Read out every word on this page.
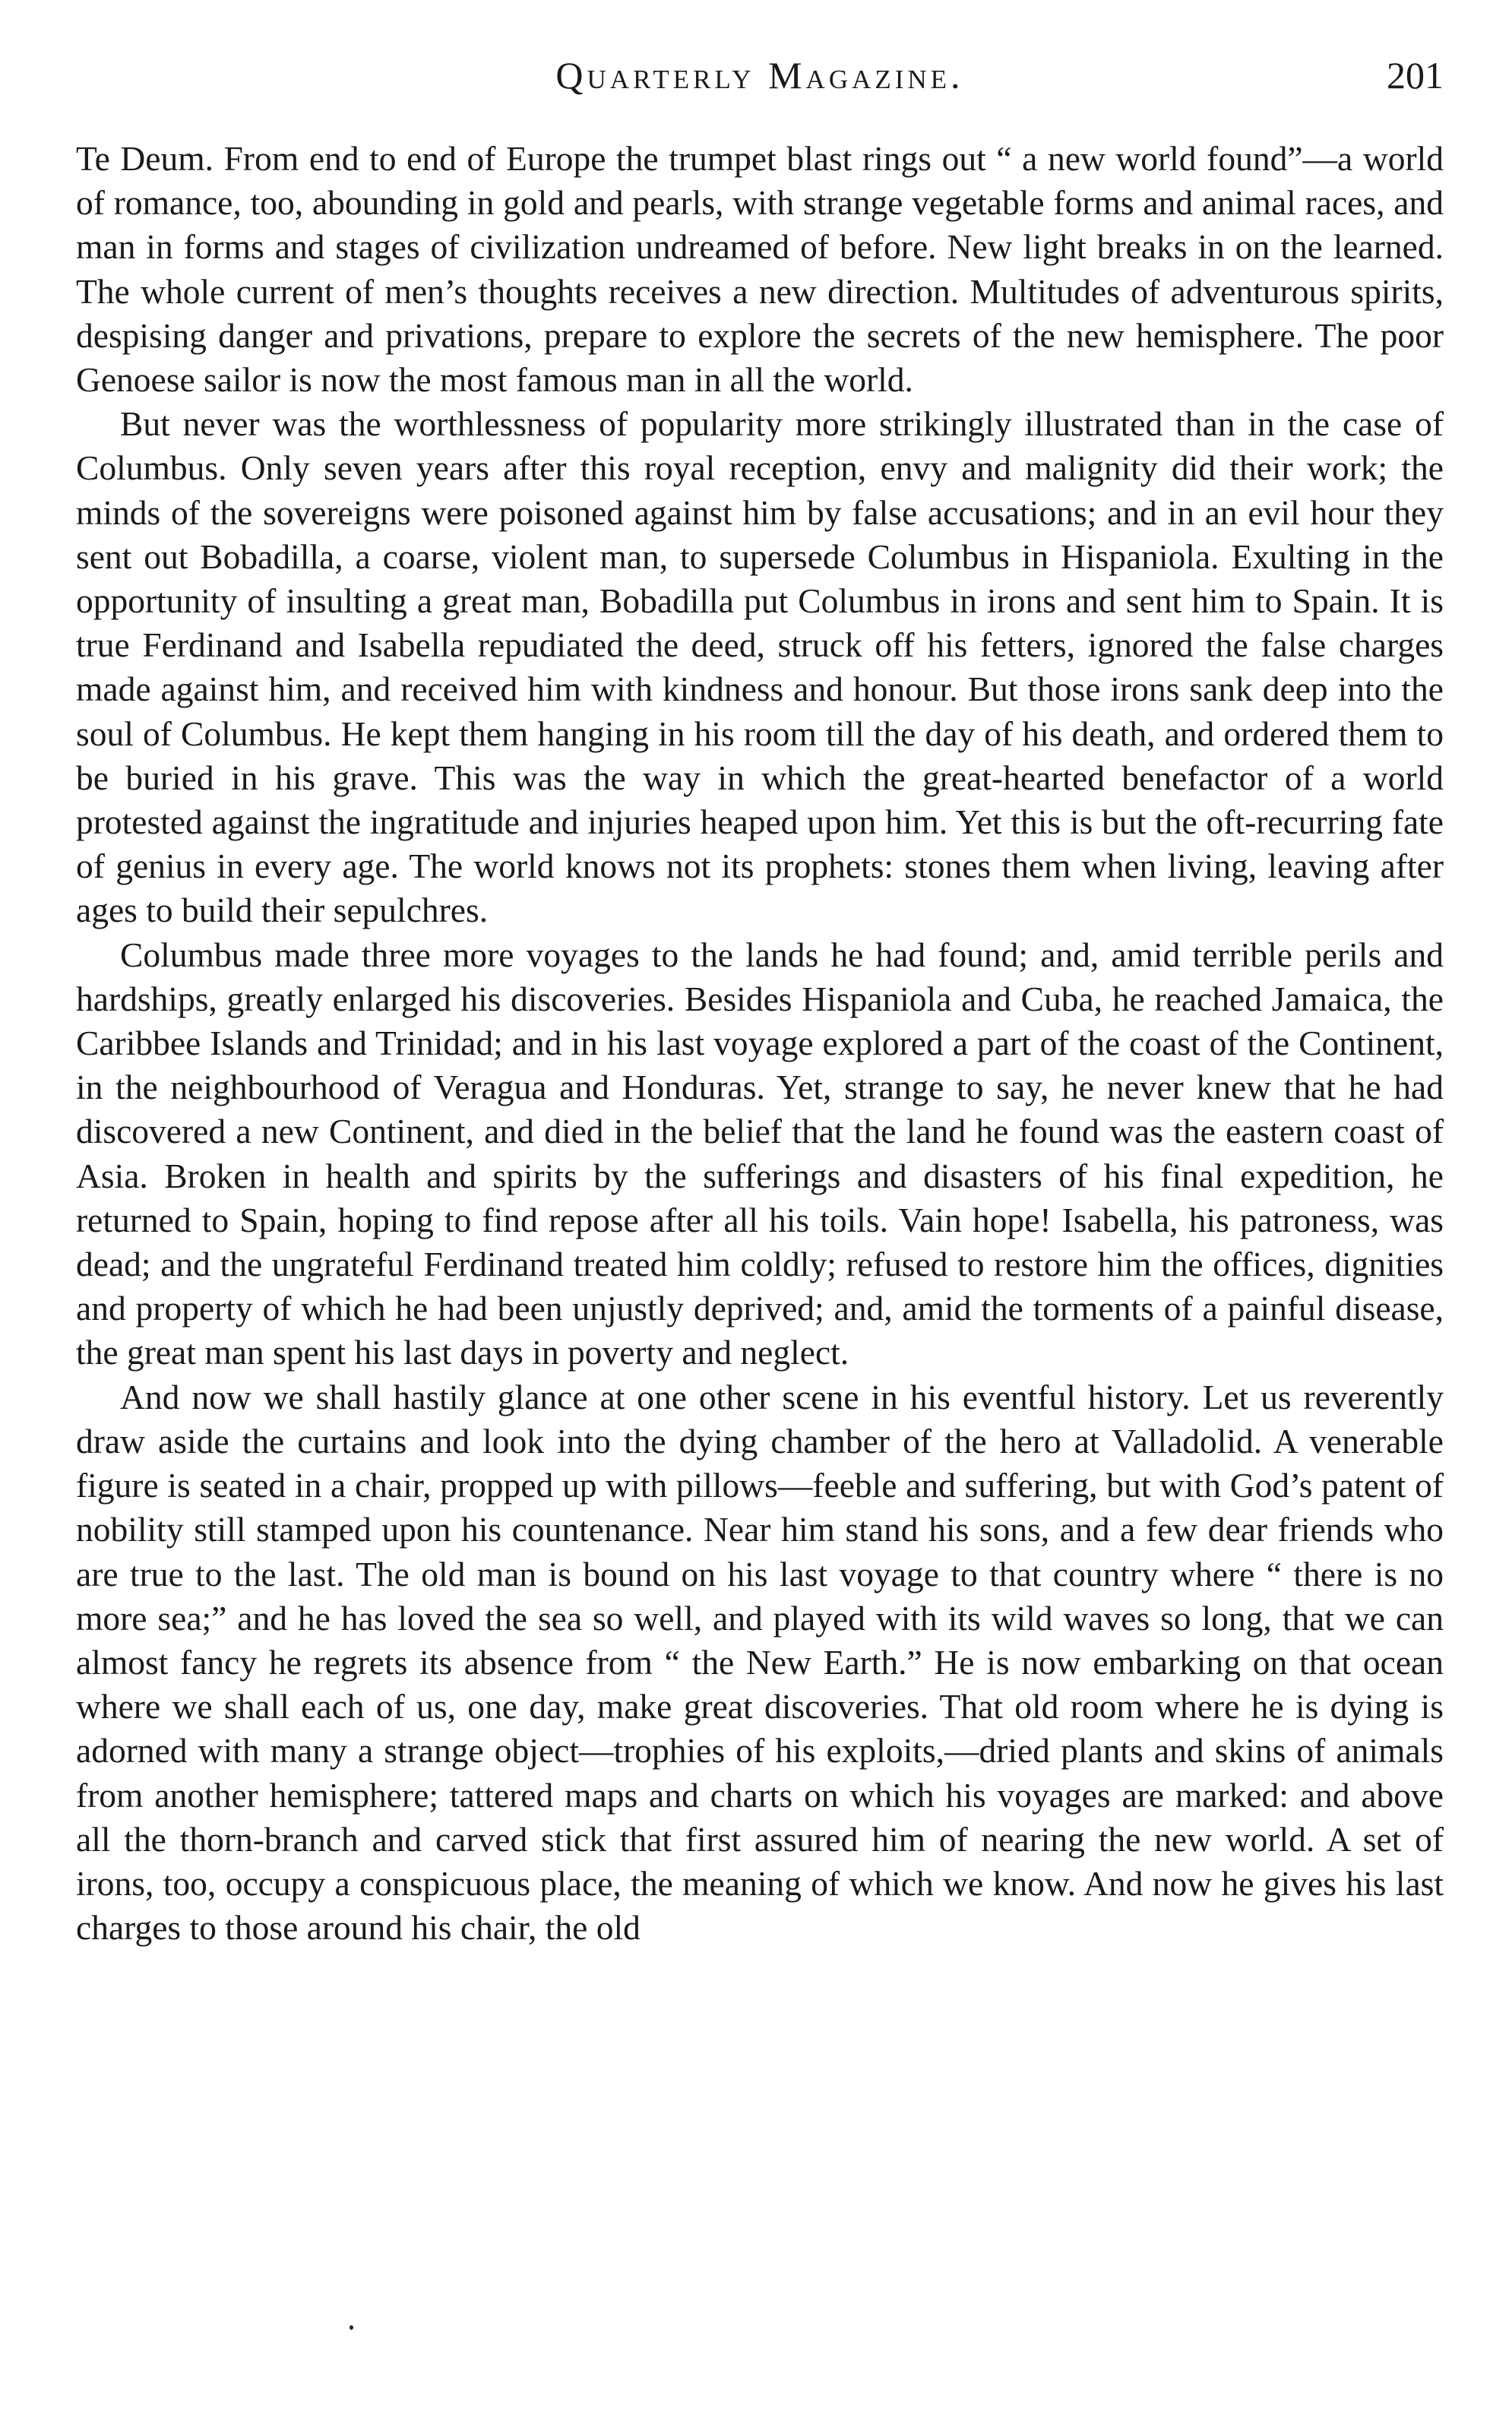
Quarterly Magazine.	201

Te Deum. From end to end of Europe the trumpet blast rings out “ a new world found”—a world of romance, too, abounding in gold and pearls, with strange vegetable forms and animal races, and man in forms and stages of civilization undreamed of before. New light breaks in on the learned. The whole current of men’s thoughts receives a new direction. Multitudes of adventurous spirits, despising danger and privations, prepare to explore the secrets of the new hemisphere. The poor Genoese sailor is now the most famous man in all the world.

But never was the worthlessness of popularity more strikingly illustrated than in the case of Columbus. Only seven years after this royal reception, envy and malignity did their work; the minds of the sovereigns were poisoned against him by false accusations; and in an evil hour they sent out Bobadilla, a coarse, violent man, to supersede Columbus in Hispaniola. Exulting in the opportunity of insulting a great man, Bobadilla put Columbus in irons and sent him to Spain. It is true Ferdinand and Isabella repudiated the deed, struck off his fetters, ignored the false charges made against him, and received him with kindness and honour. But those irons sank deep into the soul of Columbus. He kept them hanging in his room till the day of his death, and ordered them to be buried in his grave. This was the way in which the great-hearted benefactor of a world protested against the ingratitude and injuries heaped upon him. Yet this is but the oft-recurring fate of genius in every age. The world knows not its prophets: stones them when living, leaving after ages to build their sepulchres.

Columbus made three more voyages to the lands he had found; and, amid terrible perils and hardships, greatly enlarged his discoveries. Besides Hispaniola and Cuba, he reached Jamaica, the Caribbee Islands and Trinidad; and in his last voyage explored a part of the coast of the Continent, in the neighbourhood of Veragua and Honduras. Yet, strange to say, he never knew that he had discovered a new Continent, and died in the belief that the land he found was the eastern coast of Asia. Broken in health and spirits by the sufferings and disasters of his final expedition, he returned to Spain, hoping to find repose after all his toils. Vain hope! Isabella, his patroness, was dead; and the ungrateful Ferdinand treated him coldly; refused to restore him the offices, dignities and property of which he had been unjustly deprived; and, amid the torments of a painful disease, the great man spent his last days in poverty and neglect.

And now we shall hastily glance at one other scene in his eventful history. Let us reverently draw aside the curtains and look into the dying chamber of the hero at Valladolid. A venerable figure is seated in a chair, propped up with pillows—feeble and suffering, but with God’s patent of nobility still stamped upon his countenance. Near him stand his sons, and a few dear friends who are true to the last. The old man is bound on his last voyage to that country where “ there is no more sea;” and he has loved the sea so well, and played with its wild waves so long, that we can almost fancy he regrets its absence from “ the New Earth.” He is now embarking on that ocean where we shall each of us, one day, make great discoveries. That old room where he is dying is adorned with many a strange object—trophies of his exploits,—dried plants and skins of animals from another hemisphere; tattered maps and charts on which his voyages are marked: and above all the thorn-branch and carved stick that first assured him of nearing the new world. A set of irons, too, occupy a conspicuous place, the meaning of which we know. And now he gives his last charges to those around his chair, the old
